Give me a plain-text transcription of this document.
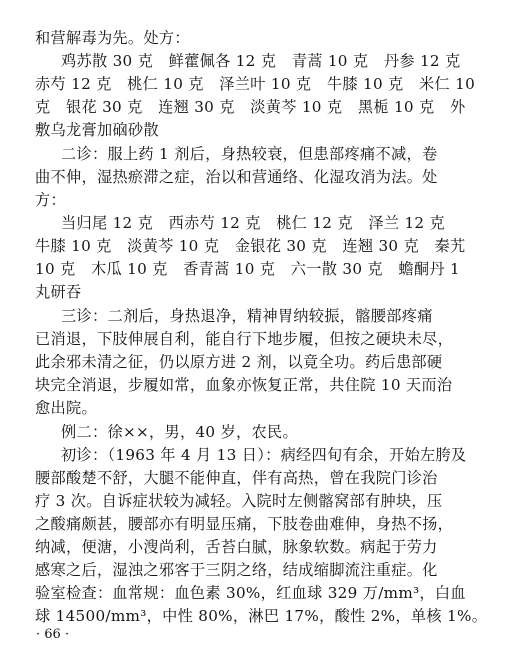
和营解毒为先。处方：
鸡苏散 30 克　鲜藿佩各 12 克　青蒿 10 克　丹参 12 克
赤芍 12 克　桃仁 10 克　泽兰叶 10 克　牛膝 10 克　米仁 10
克　银花 30 克　连翘 30 克　淡黄芩 10 克　黑栀 10 克　外
敷乌龙膏加硇砂散
二诊：服上药 1 剂后，身热较衰，但患部疼痛不减，卷
曲不伸，湿热瘀滞之症，治以和营通络、化湿攻消为法。处
方：
当归尾 12 克　西赤芍 12 克　桃仁 12 克　泽兰 12 克
牛膝 10 克　淡黄芩 10 克　金银花 30 克　连翘 30 克　秦艽
10 克　木瓜 10 克　香青蒿 10 克　六一散 30 克　蟾酮丹 1
丸研吞
三诊：二剂后，身热退净，精神胃纳较振，髂腰部疼痛
已消退，下肢伸展自利，能自行下地步履，但按之硬块未尽，
此余邪未清之征，仍以原方进 2 剂，以竟全功。药后患部硬
块完全消退，步履如常，血象亦恢复正常，共住院 10 天而治
愈出院。
例二：徐××，男，40 岁，农民。
初诊：（1963 年 4 月 13 日）：病经四旬有余，开始左胯及
腰部酸楚不舒，大腿不能伸直，伴有高热，曾在我院门诊治
疗 3 次。自诉症状较为减轻。入院时左侧髂窝部有肿块，压
之酸痛颇甚，腰部亦有明显压痛，下肢卷曲难伸，身热不扬，
纳减，便溏，小溲尚利，舌苔白腻，脉象软数。病起于劳力
感寒之后，湿浊之邪客于三阴之络，结成缩脚流注重症。化
验室检查：血常规：血色素 30%，红血球 329 万/mm³，白血
球 14500/mm³，中性 80%，淋巴 17%，酸性 2%，单核 1%。
· 66 ·
